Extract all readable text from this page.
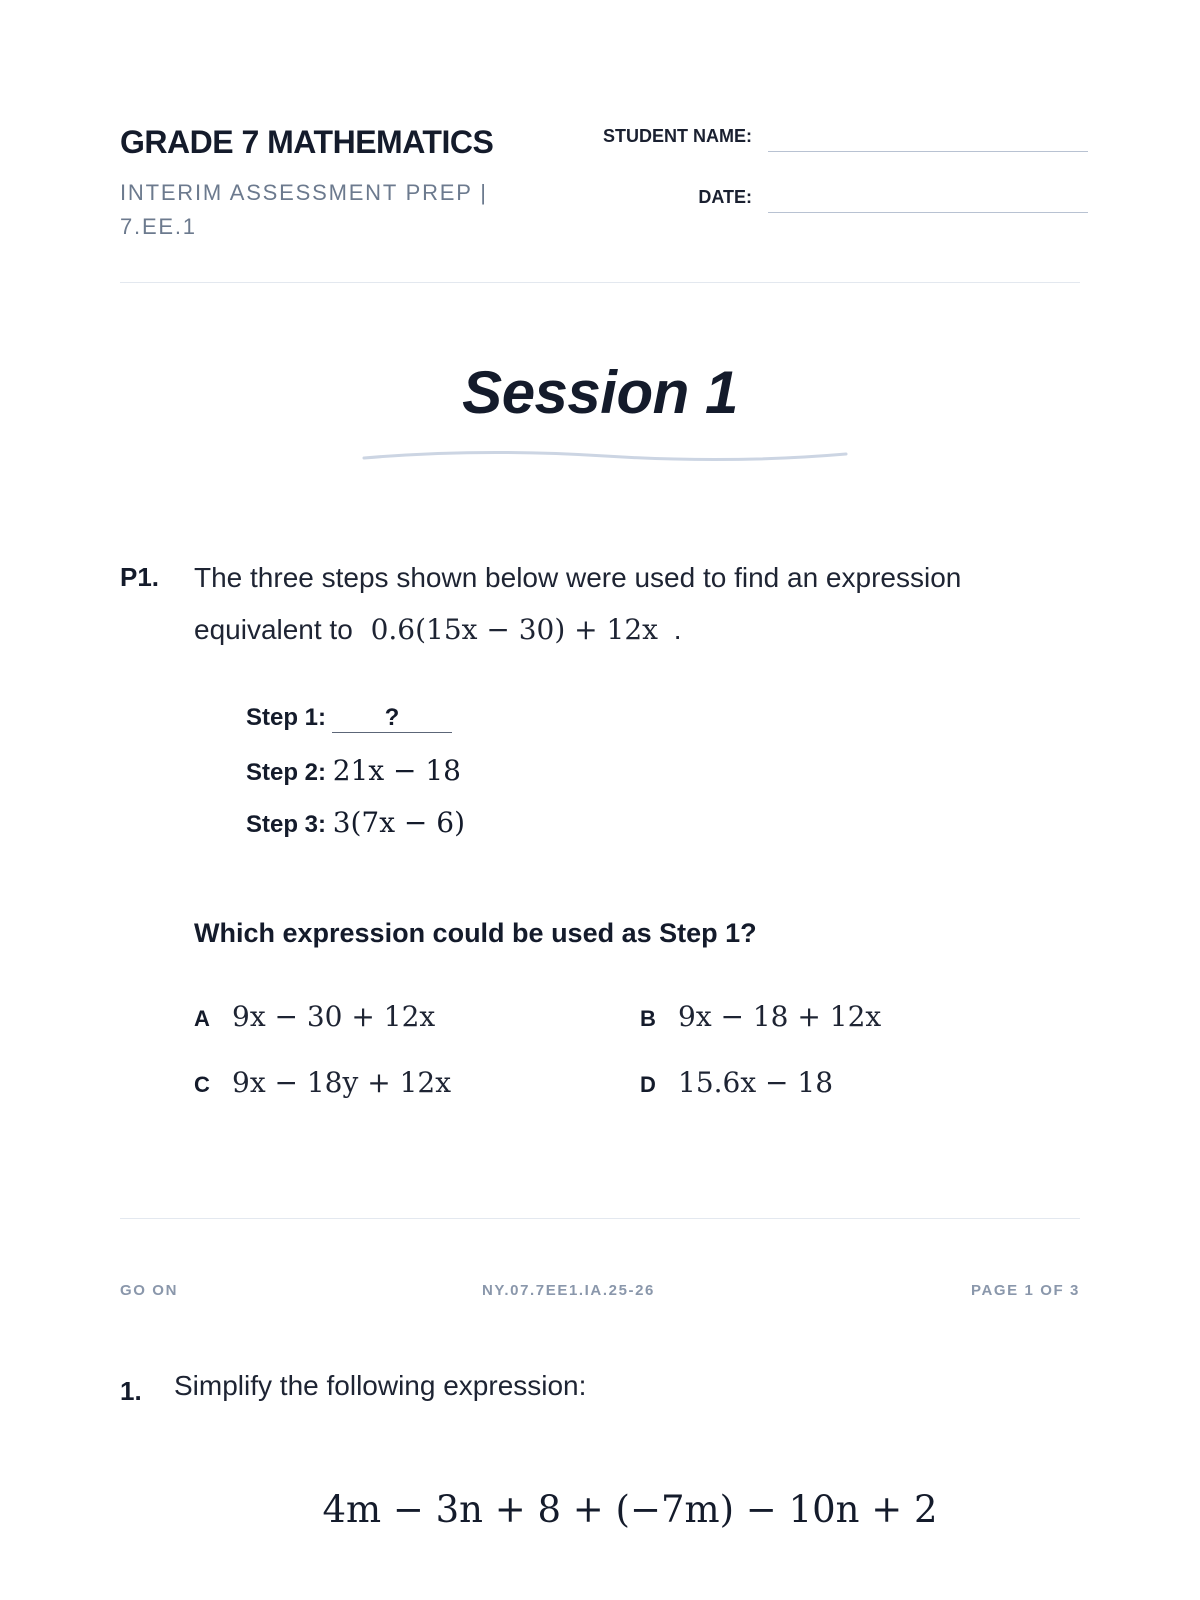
GRADE 7 MATHEMATICS
INTERIM ASSESSMENT PREP | 7.EE.1
STUDENT NAME:
DATE:
Session 1
P1. The three steps shown below were used to find an expression equivalent to 0.6(15x − 30) + 12x .
Step 1: ?
Step 2: 21x − 18
Step 3: 3(7x − 6)
Which expression could be used as Step 1?
A 9x − 30 + 12x	B 9x − 18 + 12x
C 9x − 18y + 12x	D 15.6x − 18
GO ON	NY.07.7EE1.IA.25-26	PAGE 1 OF 3
1. Simplify the following expression:
4m − 3n + 8 + (−7m) − 10n + 2
